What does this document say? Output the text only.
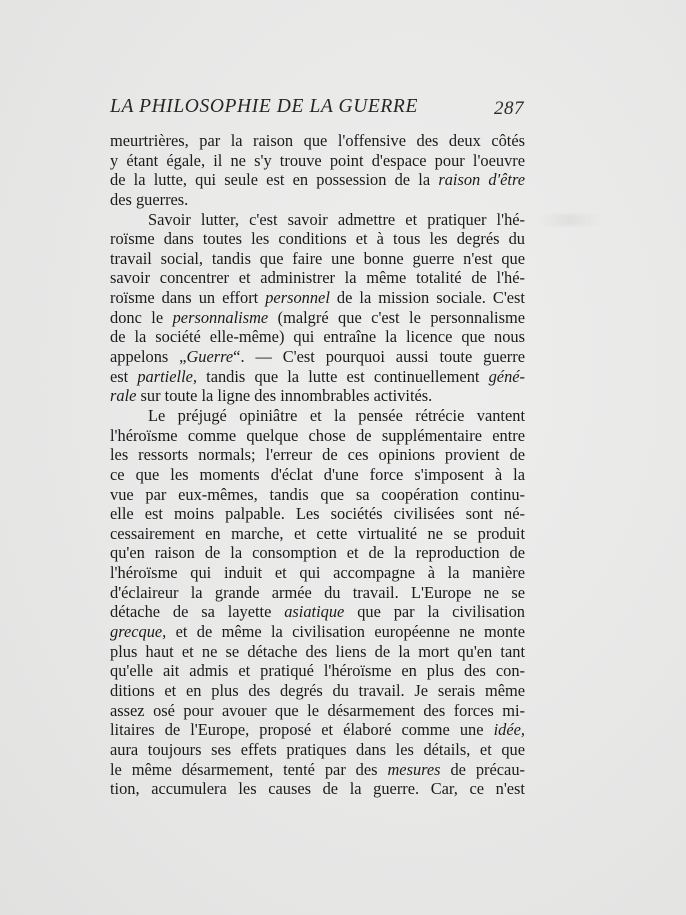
LA PHILOSOPHIE DE LA GUERRE	287
meurtrières, par la raison que l'offensive des deux côtés
y étant égale, il ne s'y trouve point d'espace pour l'oeuvre
de la lutte, qui seule est en possession de la raison d'être
des guerres.
Savoir lutter, c'est savoir admettre et pratiquer l'hé-
roïsme dans toutes les conditions et à tous les degrés du
travail social, tandis que faire une bonne guerre n'est que
savoir concentrer et administrer la même totalité de l'hé-
roïsme dans un effort personnel de la mission sociale. C'est
donc le personnalisme (malgré que c'est le personnalisme
de la société elle-même) qui entraîne la licence que nous
appelons „Guerre“. — C'est pourquoi aussi toute guerre
est partielle, tandis que la lutte est continuellement géné-
rale sur toute la ligne des innombrables activités.
Le préjugé opiniâtre et la pensée rétrécie vantent
l'héroïsme comme quelque chose de supplémentaire entre
les ressorts normals; l'erreur de ces opinions provient de
ce que les moments d'éclat d'une force s'imposent à la
vue par eux-mêmes, tandis que sa coopération continu-
elle est moins palpable. Les sociétés civilisées sont né-
cessairement en marche, et cette virtualité ne se produit
qu'en raison de la consomption et de la reproduction de
l'héroïsme qui induit et qui accompagne à la manière
d'éclaireur la grande armée du travail. L'Europe ne se
détache de sa layette asiatique que par la civilisation
grecque, et de même la civilisation européenne ne monte
plus haut et ne se détache des liens de la mort qu'en tant
qu'elle ait admis et pratiqué l'héroïsme en plus des con-
ditions et en plus des degrés du travail. Je serais même
assez osé pour avouer que le désarmement des forces mi-
litaires de l'Europe, proposé et élaboré comme une idée,
aura toujours ses effets pratiques dans les détails, et que
le même désarmement, tenté par des mesures de précau-
tion, accumulera les causes de la guerre. Car, ce n'est
